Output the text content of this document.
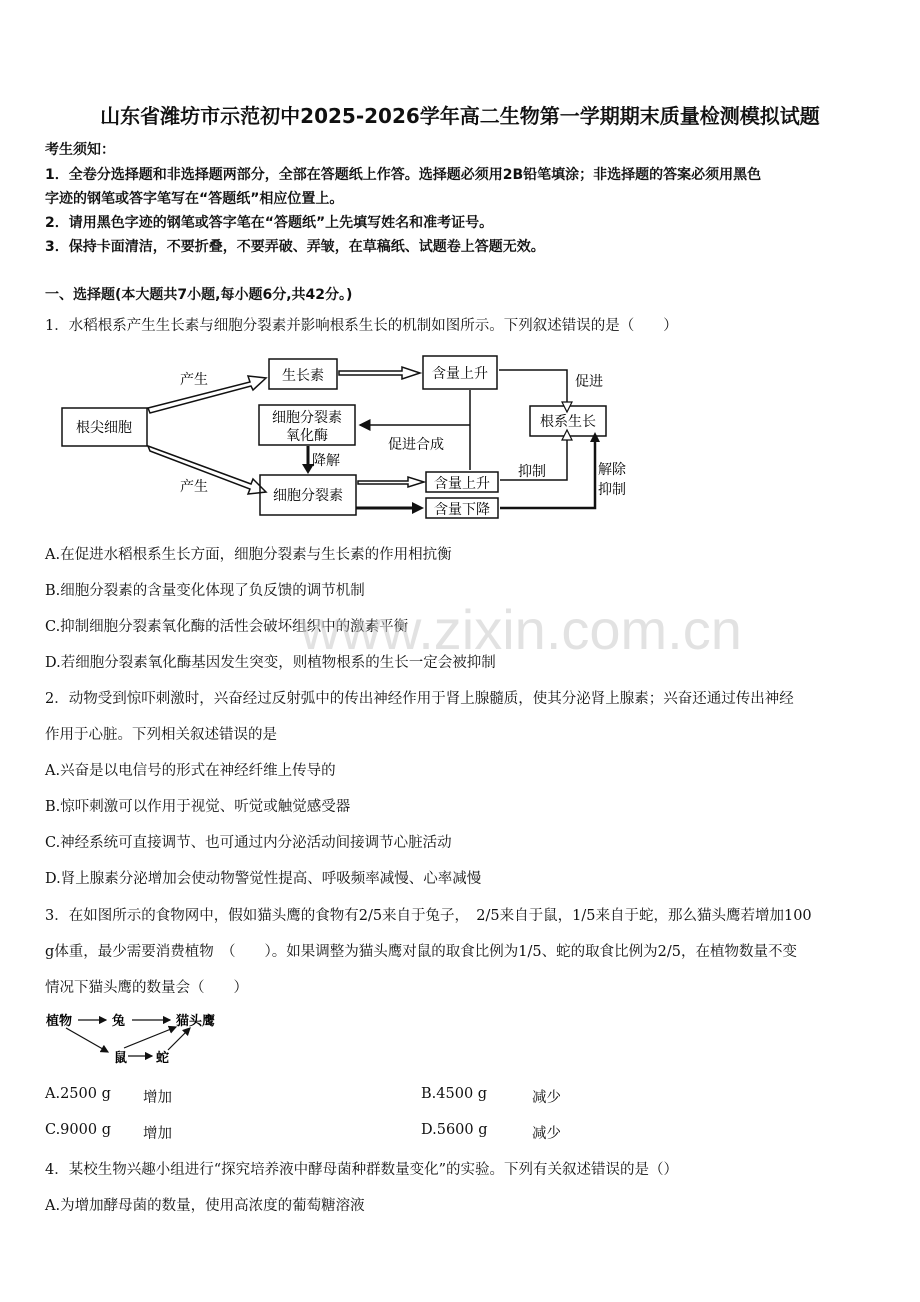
山东省潍坊市示范初中2025-2026学年高二生物第一学期期末质量检测模拟试题
考生须知：
1．全卷分选择题和非选择题两部分，全部在答题纸上作答。选择题必须用2B铅笔填涂；非选择题的答案必须用黑色
字迹的钢笔或答字笔写在“答题纸”相应位置上。
2．请用黑色字迹的钢笔或答字笔在“答题纸”上先填写姓名和准考证号。
3．保持卡面清洁，不要折叠，不要弄破、弄皱，在草稿纸、试题卷上答题无效。
一、选择题(本大题共7小题,每小题6分,共42分。)
1．水稻根系产生生长素与细胞分裂素并影响根系生长的机制如图所示。下列叙述错误的是（　　）
根尖细胞
产生
产生
生长素	含量上升	促进
根系生长
细胞分裂素
氧化酶
促进合成
降解
细胞分裂素
含量上升
含量下降
抑制	解除
抑制
A.在促进水稻根系生长方面，细胞分裂素与生长素的作用相抗衡
B.细胞分裂素的含量变化体现了负反馈的调节机制
C.抑制细胞分裂素氧化酶的活性会破坏组织中的激素平衡
D.若细胞分裂素氧化酶基因发生突变，则植物根系的生长一定会被抑制
www.zixin.com.cn
2．动物受到惊吓刺激时，兴奋经过反射弧中的传出神经作用于肾上腺髓质，使其分泌肾上腺素；兴奋还通过传出神经
作用于心脏。下列相关叙述错误的是
A.兴奋是以电信号的形式在神经纤维上传导的
B.惊吓刺激可以作用于视觉、听觉或触觉感受器
C.神经系统可直接调节、也可通过内分泌活动间接调节心脏活动
D.肾上腺素分泌增加会使动物警觉性提高、呼吸频率减慢、心率减慢
3．在如图所示的食物网中，假如猫头鹰的食物有2/5来自于兔子，　2/5来自于鼠，1/5来自于蛇，那么猫头鹰若增加100
g体重，最少需要消费植物　（　　）。如果调整为猫头鹰对鼠的取食比例为1/5、蛇的取食比例为2/5，在植物数量不变
情况下猫头鹰的数量会（　　）
植物	兔	猫头鹰
鼠 蛇
A.2500 g 增加	B.4500 g	减少
C.9000 g 增加	D.5600 g	减少
4．某校生物兴趣小组进行“探究培养液中酵母菌种群数量变化”的实验。下列有关叙述错误的是（）
A.为增加酵母菌的数量，使用高浓度的葡萄糖溶液
